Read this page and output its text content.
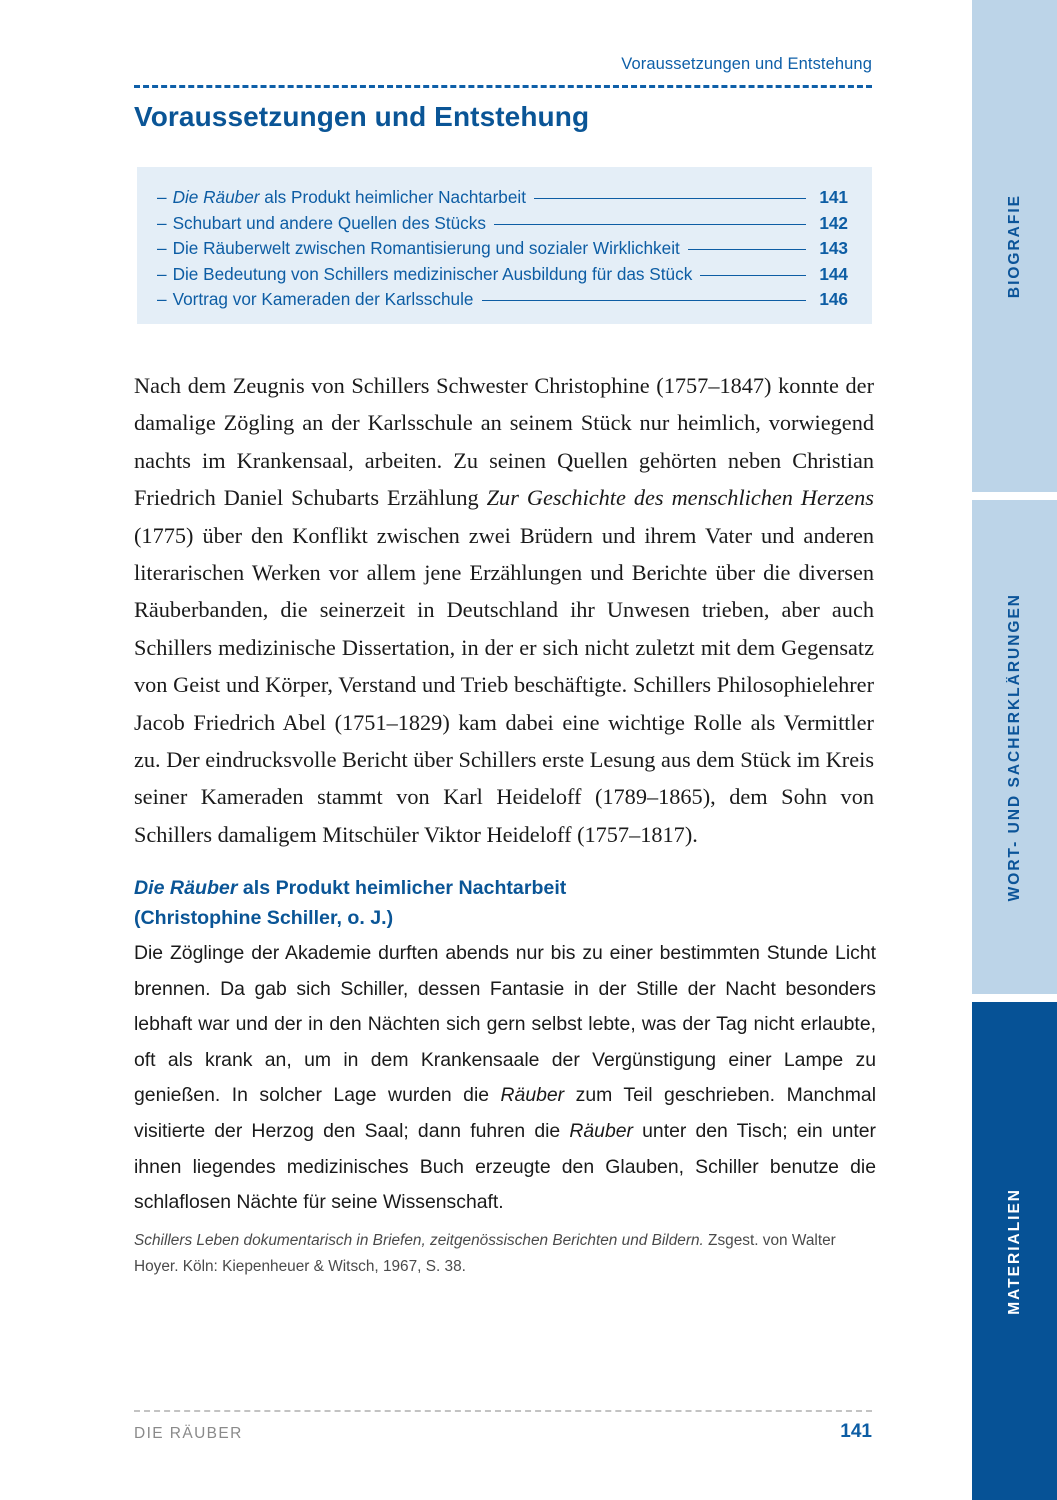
BIOGRAFIE
WORT- UND SACHERKLÄRUNGEN
MATERIALIEN
Voraussetzungen und Entstehung
Voraussetzungen und Entstehung
– Die Räuber als Produkt heimlicher Nachtarbeit	141
– Schubart und andere Quellen des Stücks	142
– Die Räuberwelt zwischen Romantisierung und sozialer Wirklichkeit	143
– Die Bedeutung von Schillers medizinischer Ausbildung für das Stück	144
– Vortrag vor Kameraden der Karlsschule	146
Nach dem Zeugnis von Schillers Schwester Christophine (1757–1847) konnte der damalige Zögling an der Karlsschule an seinem Stück nur heimlich, vorwiegend nachts im Krankensaal, arbeiten. Zu seinen Quellen gehörten neben Christian Friedrich Daniel Schubarts Erzählung Zur Geschichte des menschlichen Herzens (1775) über den Konflikt zwischen zwei Brüdern und ihrem Vater und anderen literarischen Werken vor allem jene Erzählungen und Berichte über die diversen Räuberbanden, die seinerzeit in Deutschland ihr Unwesen trieben, aber auch Schillers medizinische Dissertation, in der er sich nicht zuletzt mit dem Gegensatz von Geist und Körper, Verstand und Trieb beschäftigte. Schillers Philosophielehrer Jacob Friedrich Abel (1751–1829) kam dabei eine wichtige Rolle als Vermittler zu. Der eindrucksvolle Bericht über Schillers erste Lesung aus dem Stück im Kreis seiner Kameraden stammt von Karl Heideloff (1789–1865), dem Sohn von Schillers damaligem Mitschüler Viktor Heideloff (1757–1817).
Die Räuber als Produkt heimlicher Nachtarbeit
(Christophine Schiller, o. J.)
Die Zöglinge der Akademie durften abends nur bis zu einer bestimmten Stunde Licht brennen. Da gab sich Schiller, dessen Fantasie in der Stille der Nacht besonders lebhaft war und der in den Nächten sich gern selbst lebte, was der Tag nicht erlaubte, oft als krank an, um in dem Krankensaale der Vergünstigung einer Lampe zu genießen. In solcher Lage wurden die Räuber zum Teil geschrieben. Manchmal visitierte der Herzog den Saal; dann fuhren die Räuber unter den Tisch; ein unter ihnen liegendes medizinisches Buch erzeugte den Glauben, Schiller benutze die schlaflosen Nächte für seine Wissenschaft.
Schillers Leben dokumentarisch in Briefen, zeitgenössischen Berichten und Bildern. Zsgest. von Walter Hoyer. Köln: Kiepenheuer & Witsch, 1967, S. 38.
DIE RÄUBER	141
